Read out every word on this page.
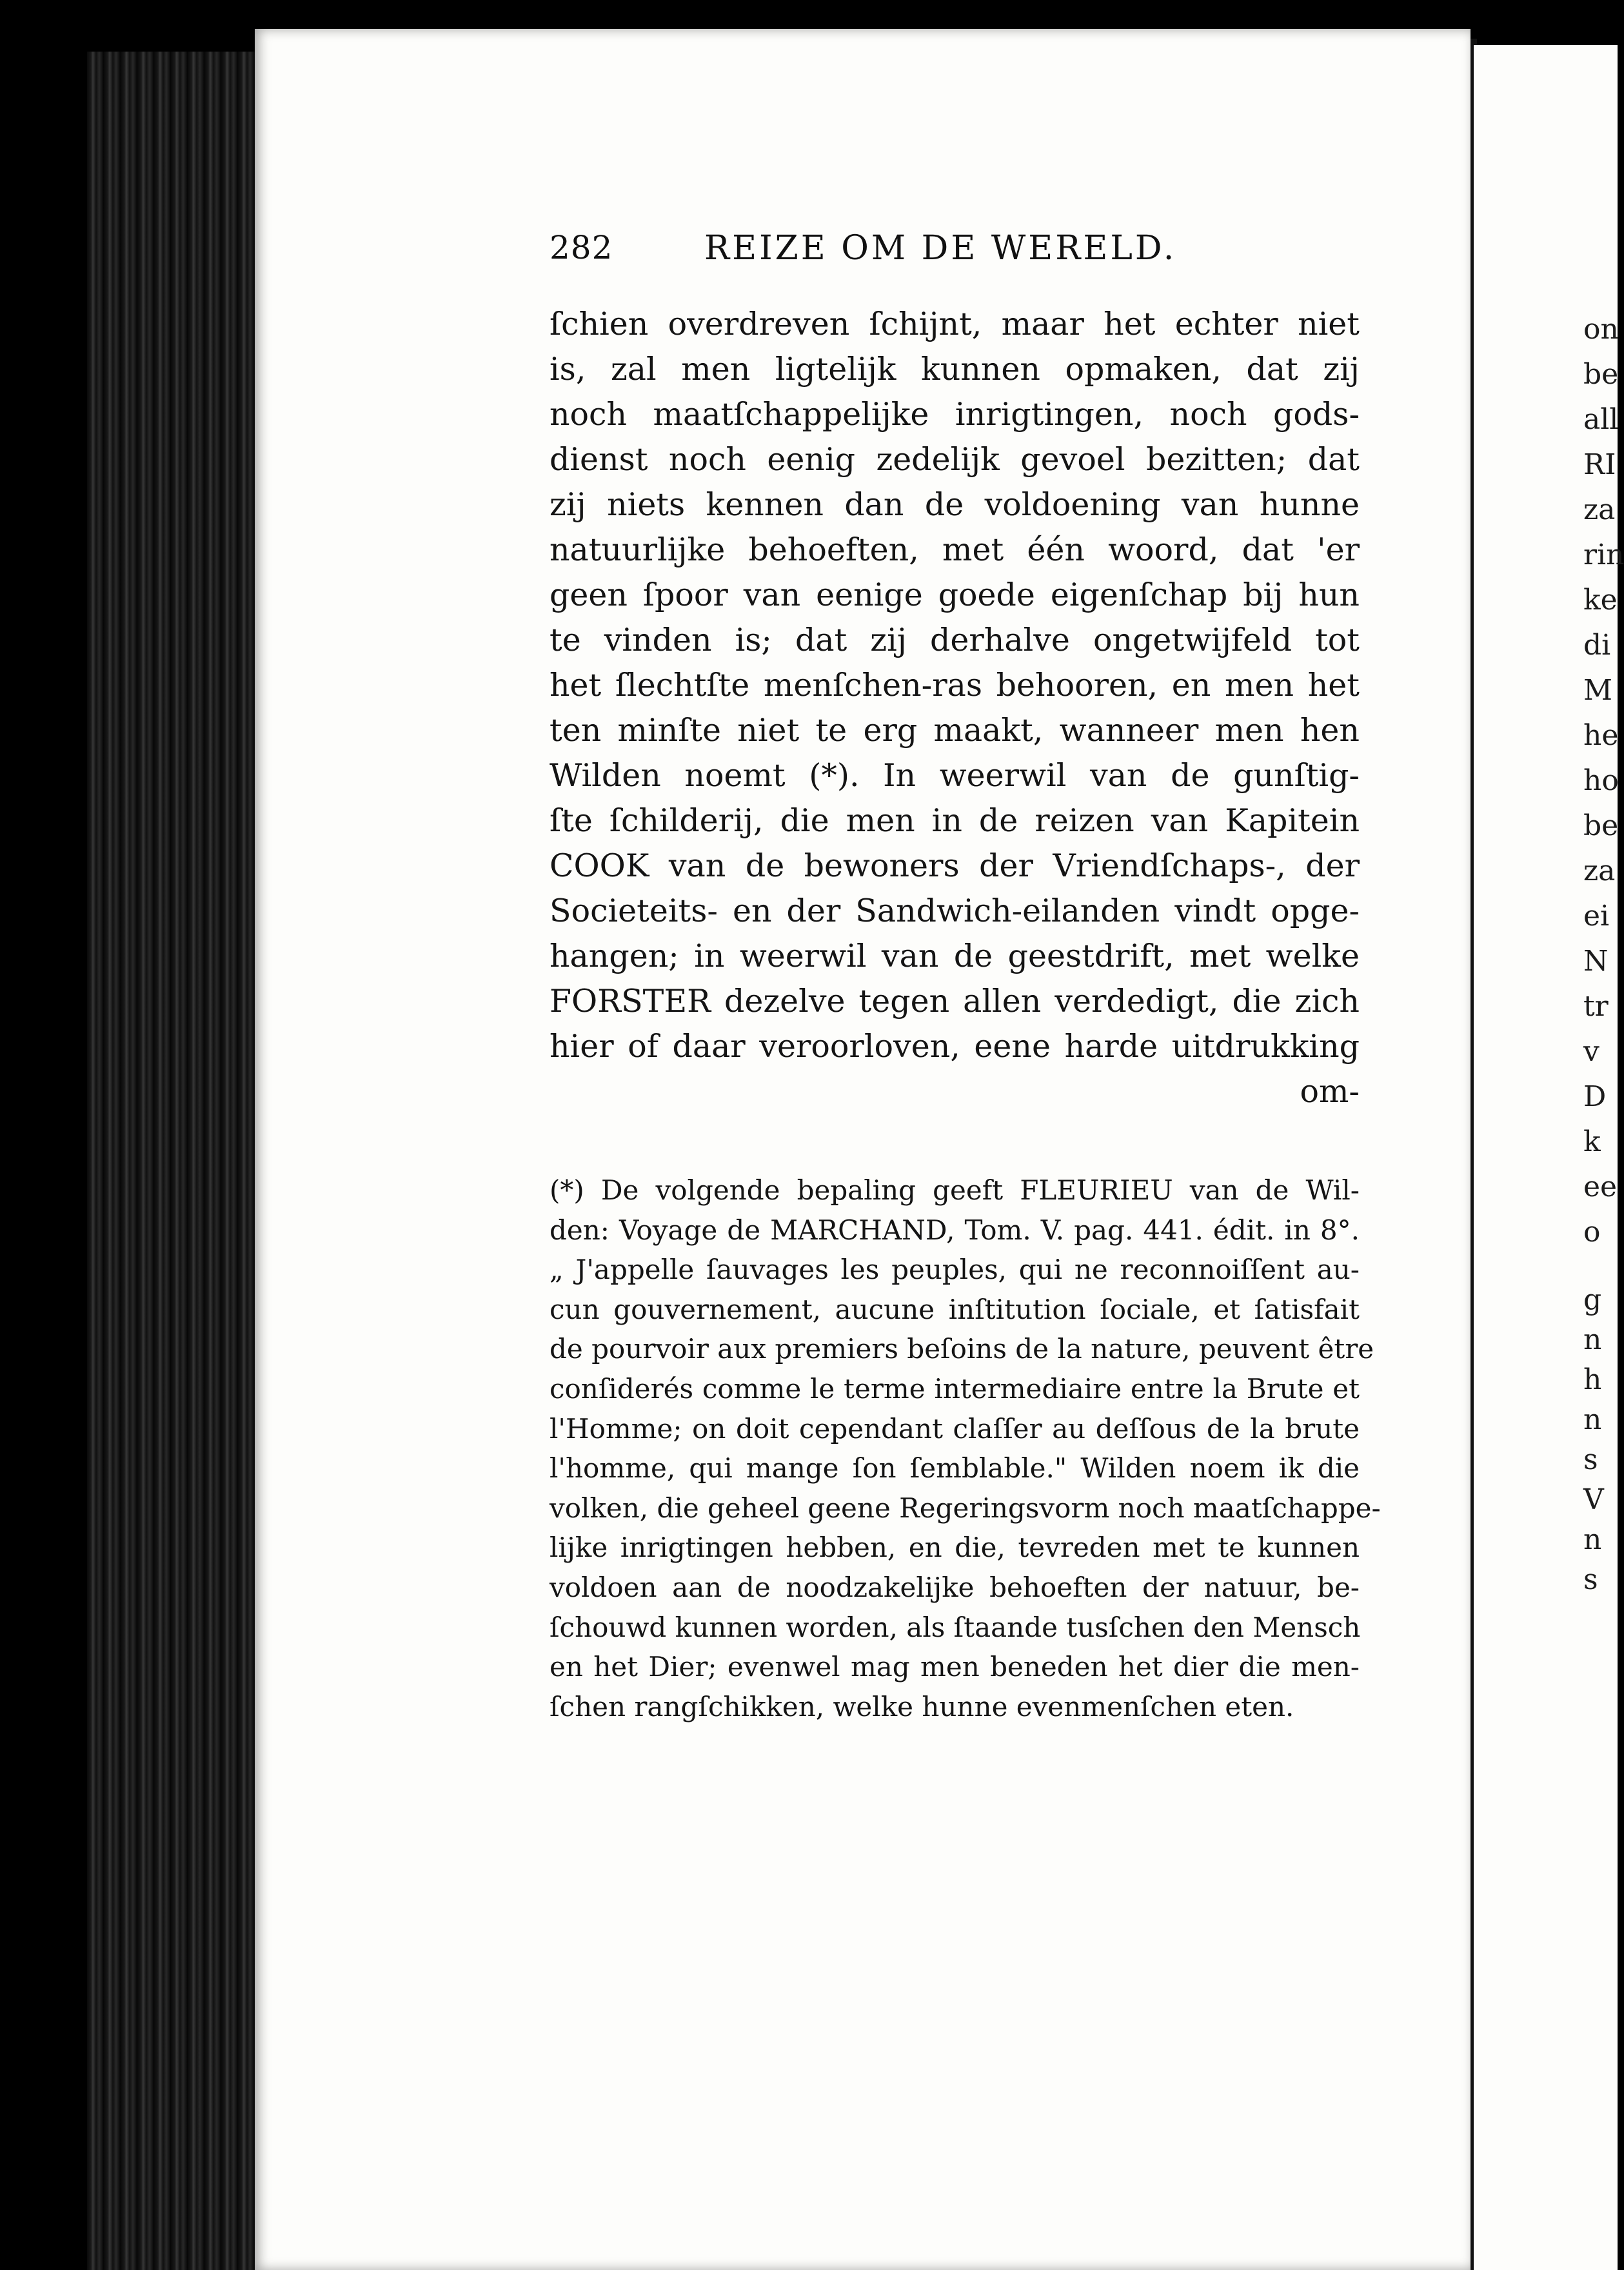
on
be
all
RI
za
rin
ke
di
M
he
ho
be
za
ei
N
tr
v
D
k
ee
o
g
n
h
n
s
V
n
s
282	REIZE OM DE WERELD.
ſchien overdreven ſchijnt, maar het echter niet
is, zal men ligtelijk kunnen opmaken, dat zij
noch maatſchappelijke inrigtingen, noch gods-
dienst noch eenig zedelijk gevoel bezitten; dat
zij niets kennen dan de voldoening van hunne
natuurlijke behoeften, met één woord, dat 'er
geen ſpoor van eenige goede eigenſchap bij hun
te vinden is; dat zij derhalve ongetwijfeld tot
het ſlechtſte menſchen-ras behooren, en men het
ten minſte niet te erg maakt, wanneer men hen
Wilden noemt (*). In weerwil van de gunſtig-
ſte ſchilderij, die men in de reizen van Kapitein
COOK van de bewoners der Vriendſchaps-, der
Societeits- en der Sandwich-eilanden vindt opge-
hangen; in weerwil van de geestdrift, met welke
FORSTER dezelve tegen allen verdedigt, die zich
hier of daar veroorloven, eene harde uitdrukking
om-
(*) De volgende bepaling geeft FLEURIEU van de Wil-
den: Voyage de MARCHAND, Tom. V. pag. 441. édit. in 8°.
„ J'appelle ſauvages les peuples, qui ne reconnoiſſent au-
cun gouvernement, aucune inſtitution ſociale, et ſatisfait
de pourvoir aux premiers beſoins de la nature, peuvent être
conſiderés comme le terme intermediaire entre la Brute et
l'Homme; on doit cependant claſſer au deſſous de la brute
l'homme, qui mange ſon ſemblable." Wilden noem ik die
volken, die geheel geene Regeringsvorm noch maatſchappe-
lijke inrigtingen hebben, en die, tevreden met te kunnen
voldoen aan de noodzakelijke behoeften der natuur, be-
ſchouwd kunnen worden, als ſtaande tusſchen den Mensch
en het Dier; evenwel mag men beneden het dier die men-
ſchen rangſchikken, welke hunne evenmenſchen eten.
